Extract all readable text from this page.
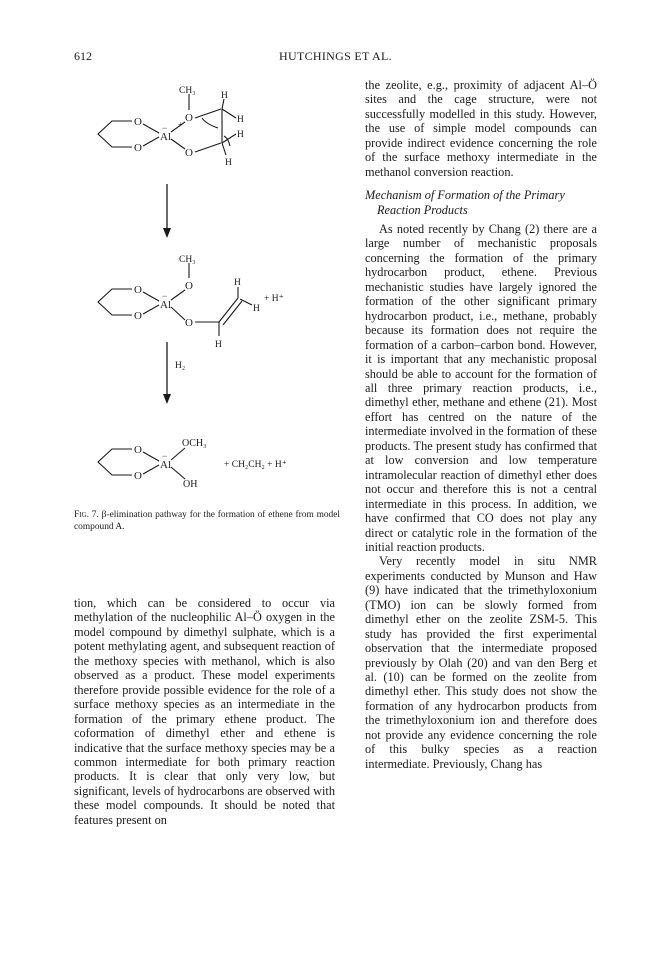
612	HUTCHINGS ET AL.
O
O
Al
−
O
+
O
CH₃	H
H
H
H
O
O
Al
−
O
O
CH₃
H
H
H
+ H⁺
H₂
O
O
Al
−
OCH₃
OH
+ CH₂CH₂ + H⁺
Fig. 7. β-elimination pathway for the formation of ethene from model compound A.

tion, which can be considered to occur via methylation of the nucleophilic Al–Ö oxygen in the model compound by dimethyl sulphate, which is a potent methylating agent, and subsequent reaction of the methoxy species with methanol, which is also observed as a product. These model experiments therefore provide possible evidence for the role of a surface methoxy species as an intermediate in the formation of the primary ethene product. The coformation of dimethyl ether and ethene is indicative that the surface methoxy species may be a common intermediate for both primary reaction products. It is clear that only very low, but significant, levels of hydrocarbons are observed with these model compounds. It should be noted that features present on

the zeolite, e.g., proximity of adjacent Al–Ö sites and the cage structure, were not successfully modelled in this study. However, the use of simple model compounds can provide indirect evidence concerning the role of the surface methoxy intermediate in the methanol conversion reaction.

Mechanism of Formation of the Primary
Reaction Products

As noted recently by Chang (2) there are a large number of mechanistic proposals concerning the formation of the primary hydrocarbon product, ethene. Previous mechanistic studies have largely ignored the formation of the other significant primary hydrocarbon product, i.e., methane, probably because its formation does not require the formation of a carbon–carbon bond. However, it is important that any mechanistic proposal should be able to account for the formation of all three primary reaction products, i.e., dimethyl ether, methane and ethene (21). Most effort has centred on the nature of the intermediate involved in the formation of these products. The present study has confirmed that at low conversion and low temperature intramolecular reaction of dimethyl ether does not occur and therefore this is not a central intermediate in this process. In addition, we have confirmed that CO does not play any direct or catalytic role in the formation of the initial reaction products.

Very recently model in situ NMR experiments conducted by Munson and Haw (9) have indicated that the trimethyloxonium (TMO) ion can be slowly formed from dimethyl ether on the zeolite ZSM-5. This study has provided the first experimental observation that the intermediate proposed previously by Olah (20) and van den Berg et al. (10) can be formed on the zeolite from dimethyl ether. This study does not show the formation of any hydrocarbon products from the trimethyloxonium ion and therefore does not provide any evidence concerning the role of this bulky species as a reaction intermediate. Previously, Chang has
